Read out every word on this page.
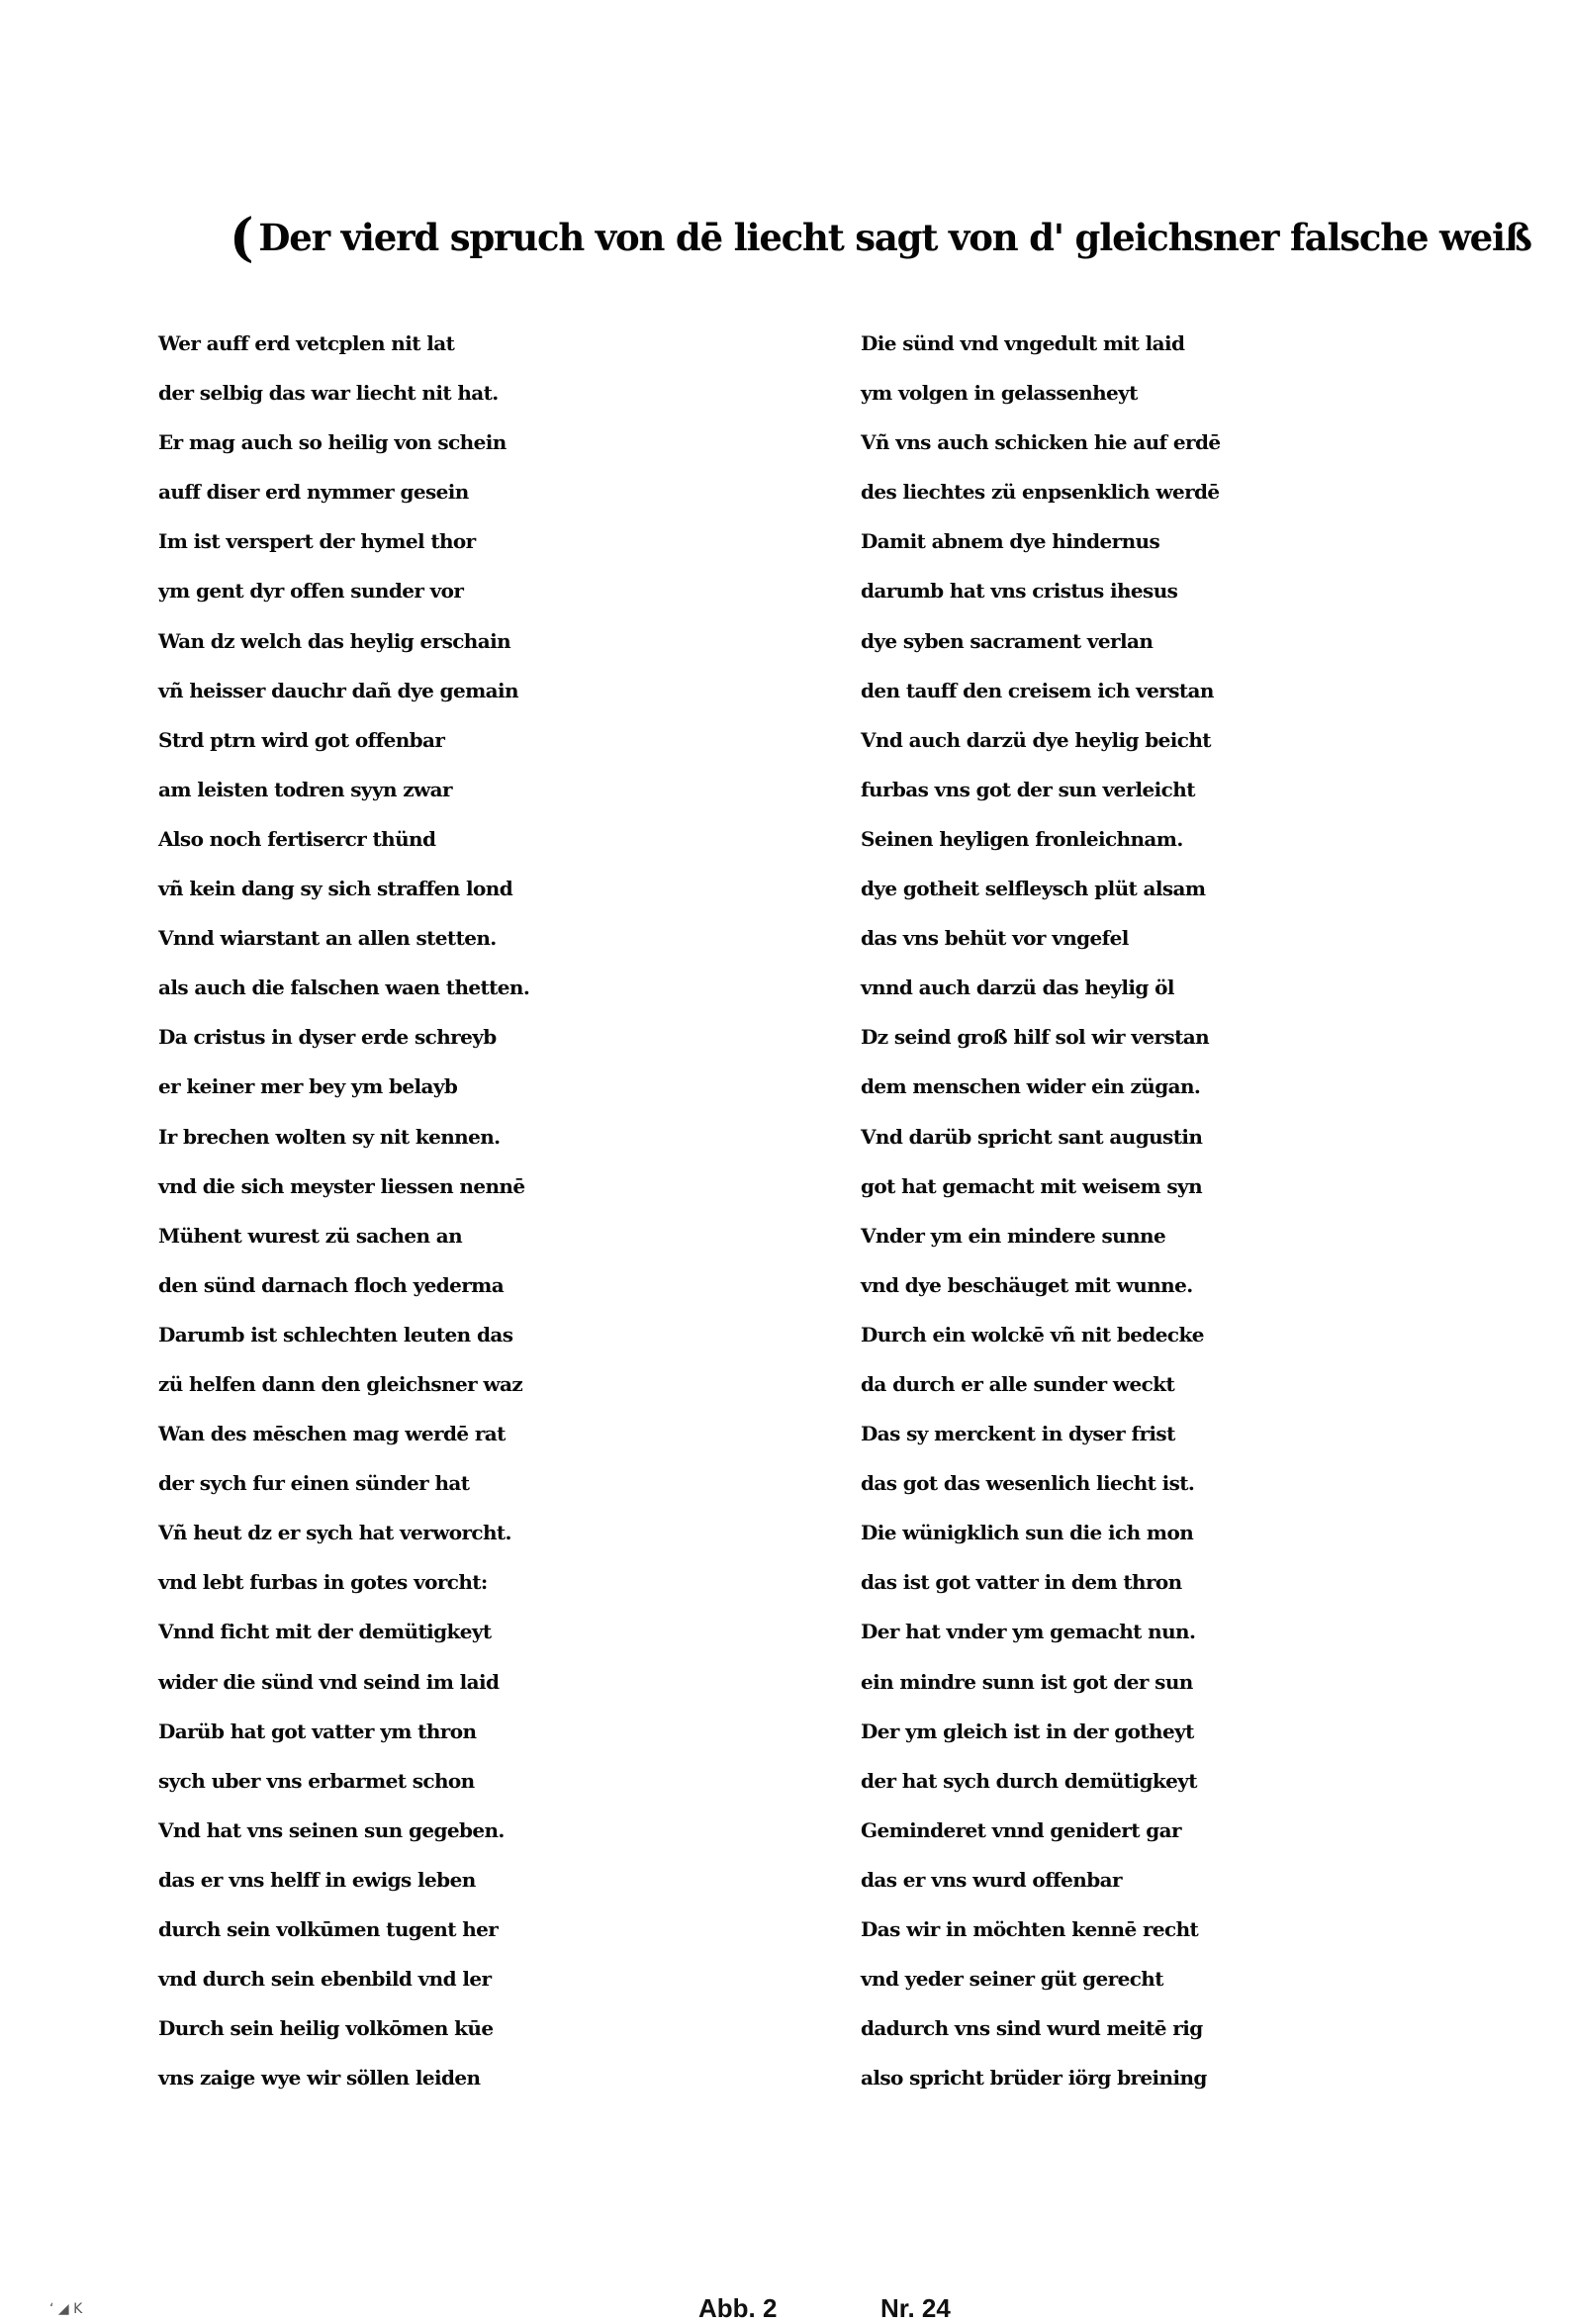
( Der vierd spruch von dē liecht sagt von d' gleichsner falsche weiß
Wer auff erd vetcplen nit lat
der selbig das war liecht nit hat.
Er mag auch so heilig von schein
auff diser erd nymmer gesein
Im ist verspert der hymel thor
ym gent dyr offen sunder vor
Wan dz welch das heylig erschain
vñ heisser dauchr dañ dye gemain
Strd ptrn wird got offenbar
am leisten todren syyn zwar
Also noch fertisercr thünd
vñ kein dang sy sich straffen lond
Vnnd wiarstant an allen stetten.
als auch die falschen waen thetten.
Da cristus in dyser erde schreyb
er keiner mer bey ym belayb
Ir brechen wolten sy nit kennen.
vnd die sich meyster liessen nennē
Mühent wurest zü sachen an
den sünd darnach floch yederma
Darumb ist schlechten leuten das
zü helfen dann den gleichsner waz
Wan des mēschen mag werdē rat
der sych fur einen sünder hat
Vñ heut dz er sych hat verworcht.
vnd lebt furbas in gotes vorcht:
Vnnd ficht mit der demütigkeyt
wider die sünd vnd seind im laid
Darüb hat got vatter ym thron
sych uber vns erbarmet schon
Vnd hat vns seinen sun gegeben.
das er vns helff in ewigs leben
durch sein volkūmen tugent her
vnd durch sein ebenbild vnd ler
Durch sein heilig volkōmen kūe
vns zaige wye wir söllen leiden
Die sünd vnd vngedult mit laid
ym volgen in gelassenheyt
Vñ vns auch schicken hie auf erdē
des liechtes zü enpsenklich werdē
Damit abnem dye hindernus
darumb hat vns cristus ihesus
dye syben sacrament verlan
den tauff den creisem ich verstan
Vnd auch darzü dye heylig beicht
furbas vns got der sun verleicht
Seinen heyligen fronleichnam.
dye gotheit selfleysch plüt alsam
das vns behüt vor vngefel
vnnd auch darzü das heylig öl
Dz seind groß hilf sol wir verstan
dem menschen wider ein zügan.
Vnd darüb spricht sant augustin
got hat gemacht mit weisem syn
Vnder ym ein mindere sunne
vnd dye beschäuget mit wunne.
Durch ein wolckē vñ nit bedecke
da durch er alle sunder weckt
Das sy merckent in dyser frist
das got das wesenlich liecht ist.
Die wünigklich sun die ich mon
das ist got vatter in dem thron
Der hat vnder ym gemacht nun.
ein mindre sunn ist got der sun
Der ym gleich ist in der gotheyt
der hat sych durch demütigkeyt
Geminderet vnnd genidert gar
das er vns wurd offenbar
Das wir in möchten kennē recht
vnd yeder seiner güt gerecht
dadurch vns sind wurd meitē rig
also spricht brüder iörg breining
ʻ ◢ K	Abb. 2	Nr. 24
